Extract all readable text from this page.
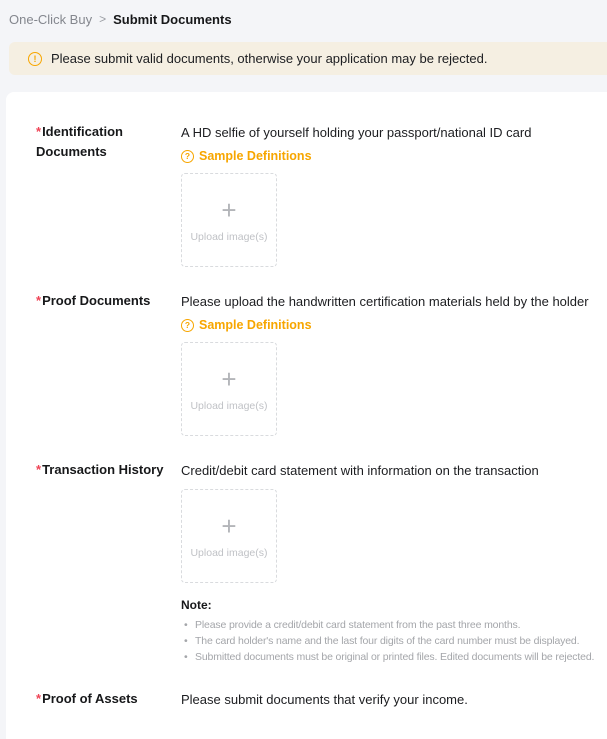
One-Click Buy > Submit Documents
!	Please submit valid documents, otherwise your application may be rejected.
*Identification Documents
A HD selfie of yourself holding your passport/national ID card
? Sample Definitions
+
Upload image(s)
*Proof Documents	Please upload the handwritten certification materials held by the holder
? Sample Definitions
+
Upload image(s)
*Transaction History	Credit/debit card statement with information on the transaction
+
Upload image(s)
Note:
• Please provide a credit/debit card statement from the past three months.
• The card holder's name and the last four digits of the card number must be displayed.
• Submitted documents must be original or printed files. Edited documents will be rejected.
*Proof of Assets	Please submit documents that verify your income.
